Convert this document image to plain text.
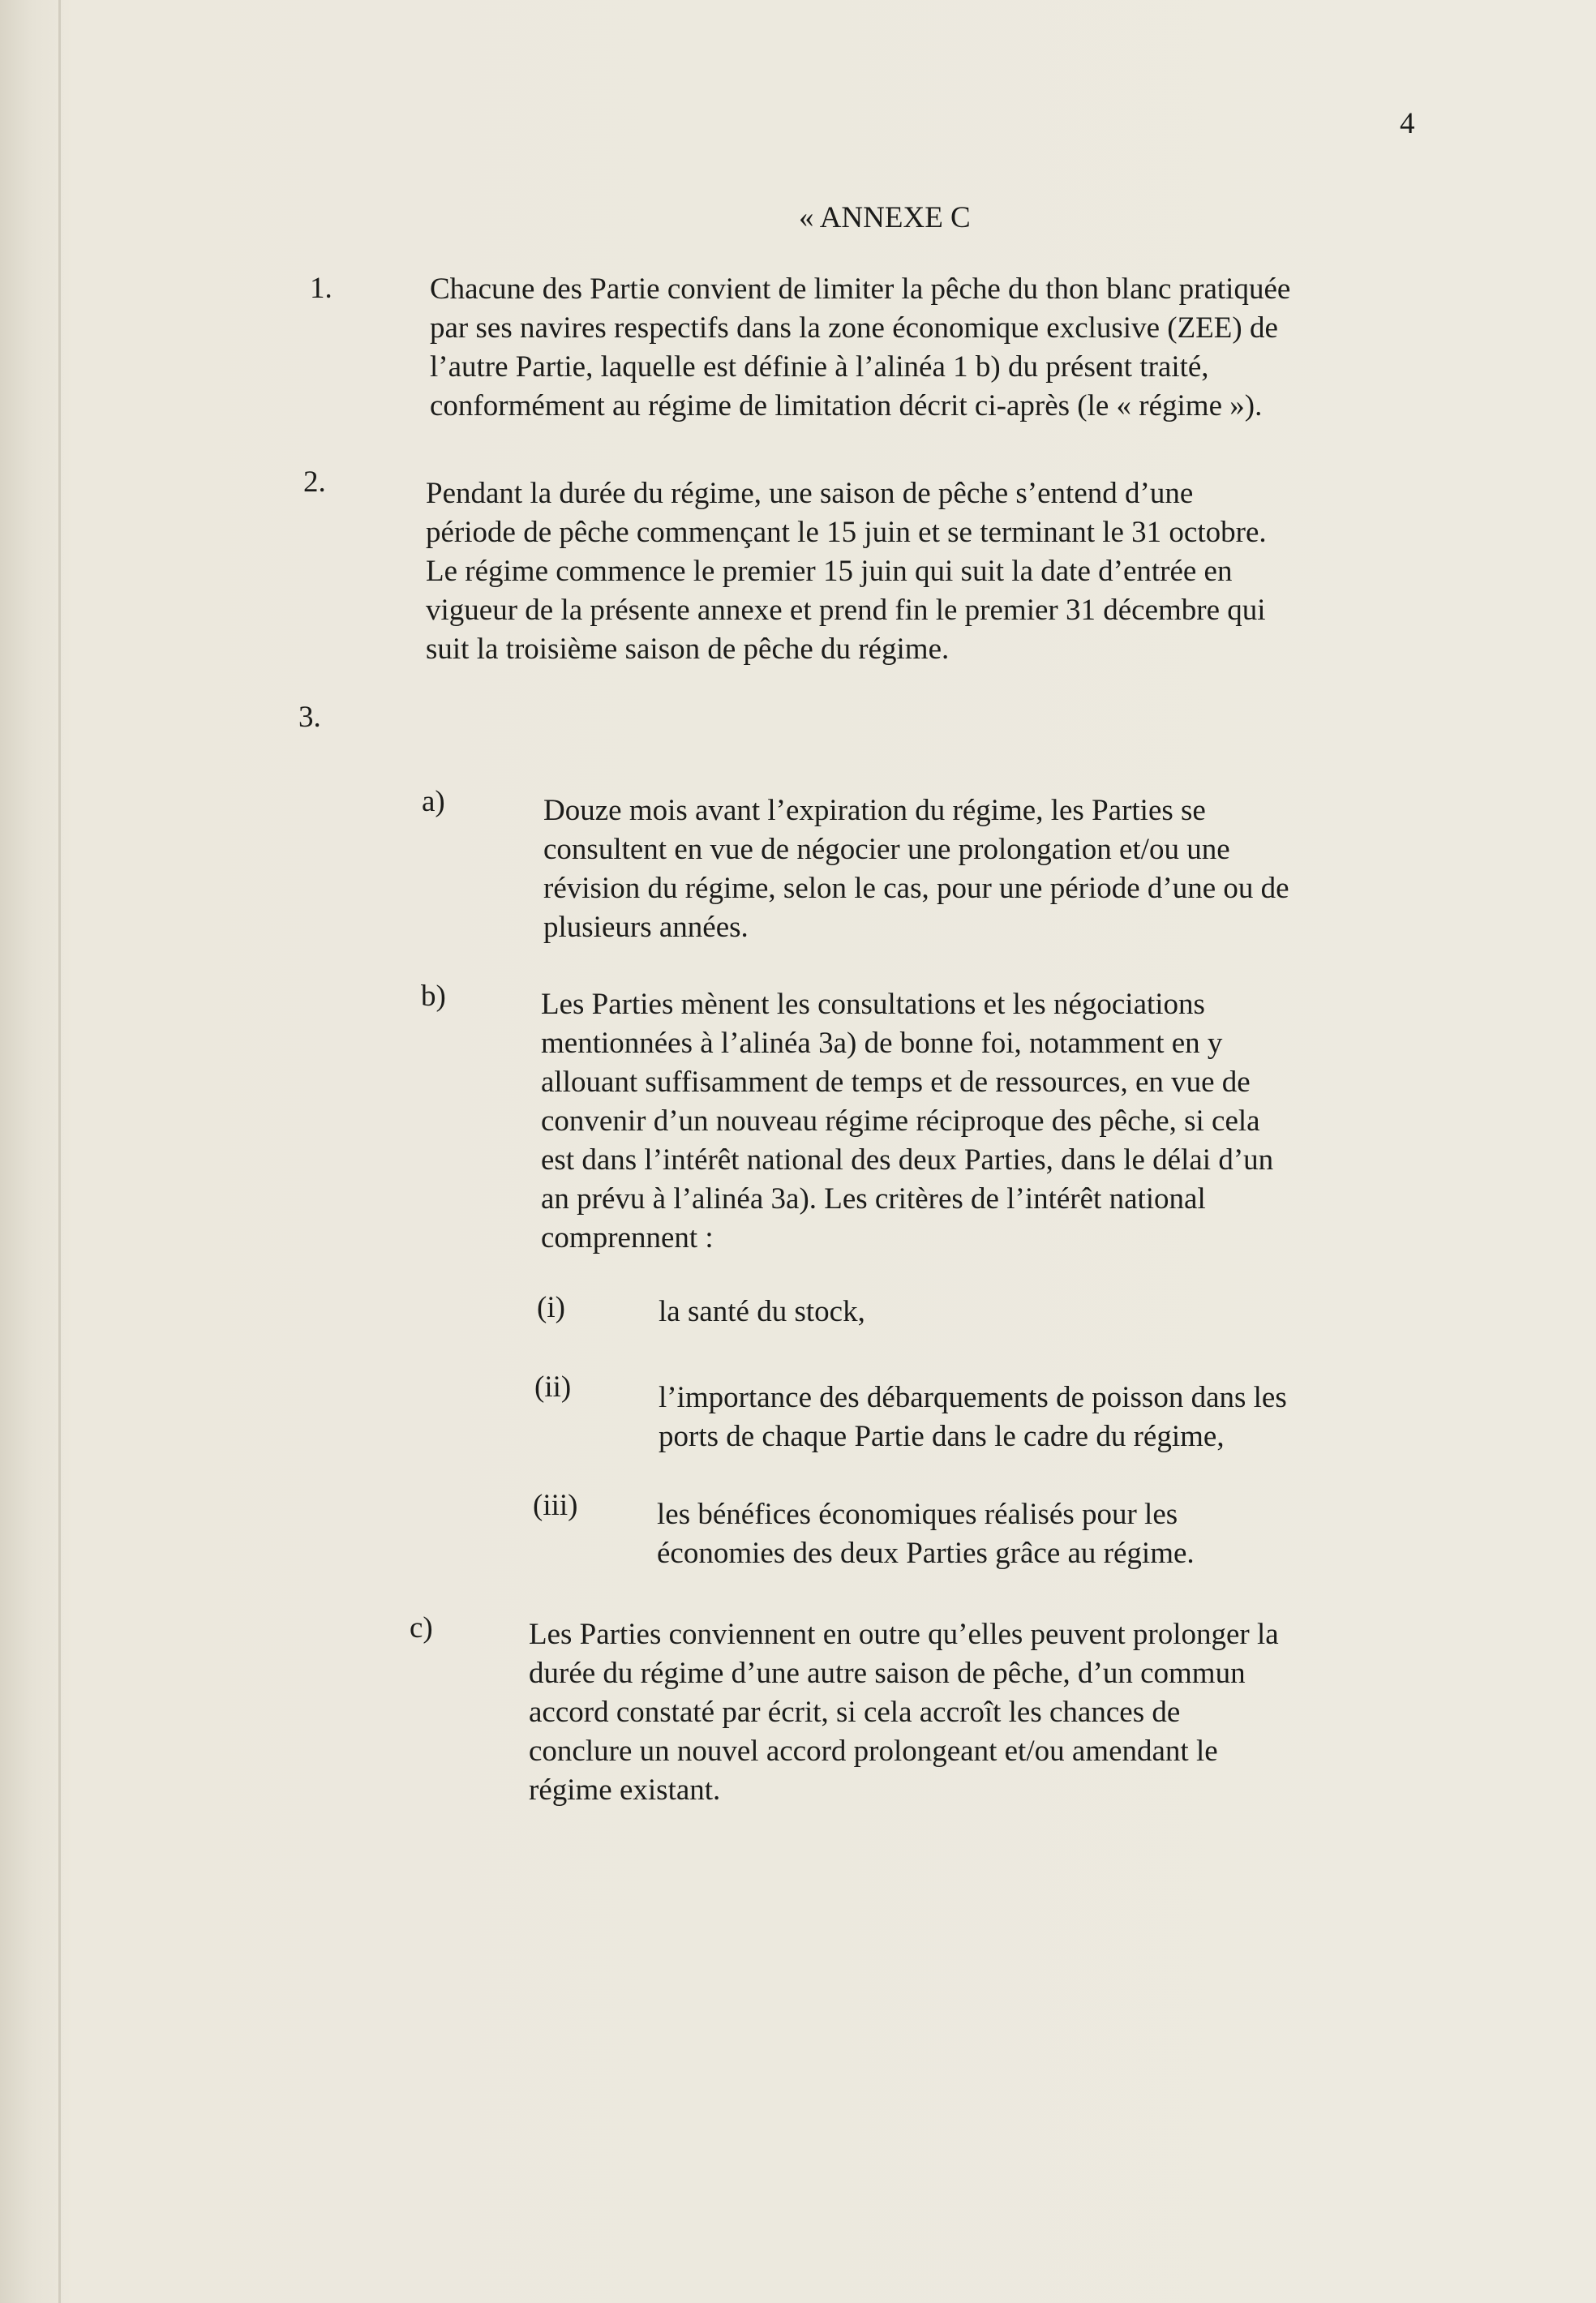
4
« ANNEXE C
1.	Chacune des Partie convient de limiter la pêche du thon blanc pratiquée
par ses navires respectifs dans la zone économique exclusive (ZEE) de
l’autre Partie, laquelle est définie à l’alinéa 1 b) du présent traité,
conformément au régime de limitation décrit ci-après (le « régime »).
2.	Pendant la durée du régime, une saison de pêche s’entend d’une
période de pêche commençant le 15 juin et se terminant le 31 octobre.
Le régime commence le premier 15 juin qui suit la date d’entrée en
vigueur de la présente annexe et prend fin le premier 31 décembre qui
suit la troisième saison de pêche du régime.
3.
a)	Douze mois avant l’expiration du régime, les Parties se
consultent en vue de négocier une prolongation et/ou une
révision du régime, selon le cas, pour une période d’une ou de
plusieurs années.
b)	Les Parties mènent les consultations et les négociations
mentionnées à l’alinéa 3a) de bonne foi, notamment en y
allouant suffisamment de temps et de ressources, en vue de
convenir d’un nouveau régime réciproque des pêche, si cela
est dans l’intérêt national des deux Parties, dans le délai d’un
an prévu à l’alinéa 3a). Les critères de l’intérêt national
comprennent :
(i)	la santé du stock,
(ii)	l’importance des débarquements de poisson dans les
ports de chaque Partie dans le cadre du régime,
(iii)	les bénéfices économiques réalisés pour les
économies des deux Parties grâce au régime.
c)	Les Parties conviennent en outre qu’elles peuvent prolonger la
durée du régime d’une autre saison de pêche, d’un commun
accord constaté par écrit, si cela accroît les chances de
conclure un nouvel accord prolongeant et/ou amendant le
régime existant.
